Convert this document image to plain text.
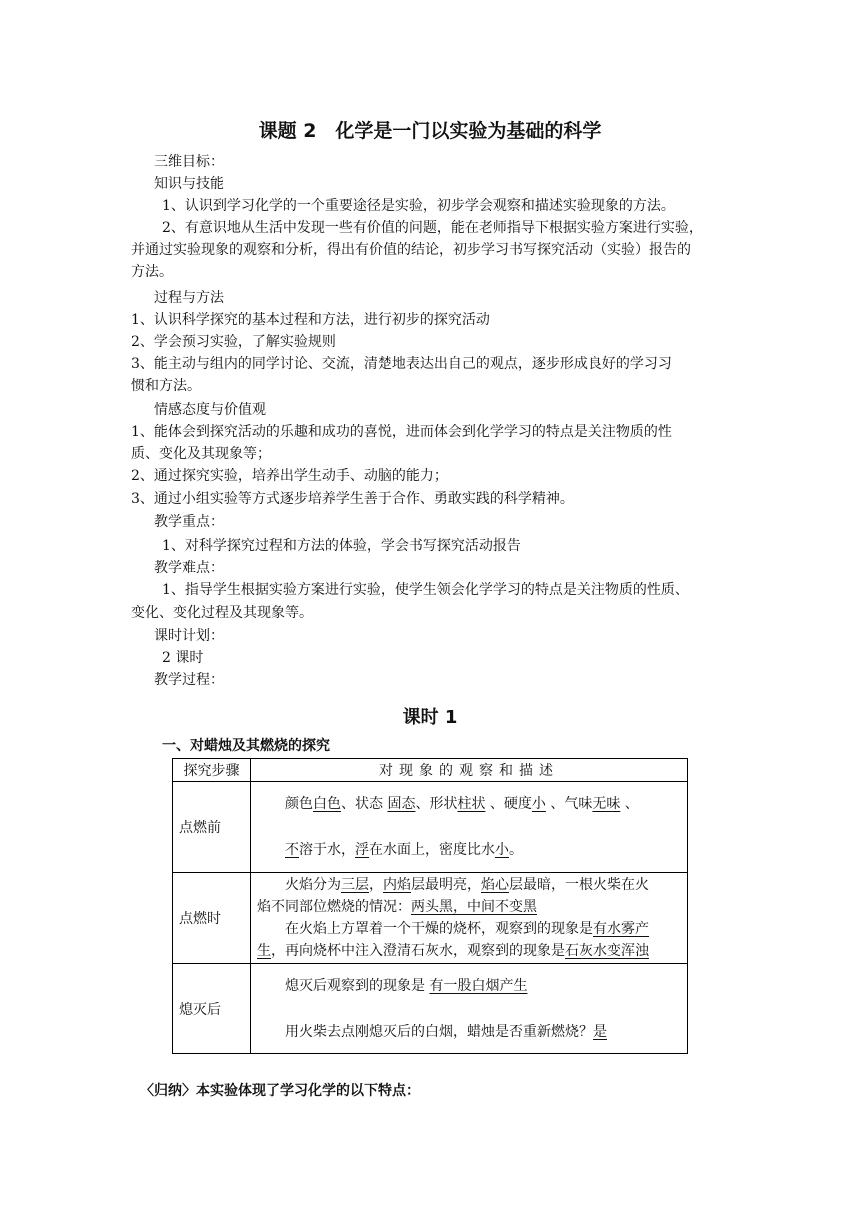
课题 2　化学是一门以实验为基础的科学
三维目标：
知识与技能
1、认识到学习化学的一个重要途径是实验，初步学会观察和描述实验现象的方法。
2、有意识地从生活中发现一些有价值的问题，能在老师指导下根据实验方案进行实验，
并通过实验现象的观察和分析，得出有价值的结论，初步学习书写探究活动（实验）报告的
方法。
过程与方法
1、认识科学探究的基本过程和方法，进行初步的探究活动
2、学会预习实验，了解实验规则
3、能主动与组内的同学讨论、交流，清楚地表达出自己的观点，逐步形成良好的学习习
惯和方法。
情感态度与价值观
1、能体会到探究活动的乐趣和成功的喜悦，进而体会到化学学习的特点是关注物质的性
质、变化及其现象等；
2、通过探究实验，培养出学生动手、动脑的能力；
3、通过小组实验等方式逐步培养学生善于合作、勇敢实践的科学精神。
教学重点：
1、对科学探究过程和方法的体验，学会书写探究活动报告
教学难点：
1、指导学生根据实验方案进行实验，使学生领会化学学习的特点是关注物质的性质、
变化、变化过程及其现象等。
课时计划：
2 课时
教学过程：
课时 1
一、对蜡烛及其燃烧的探究
探究步骤	对现象的观察和描述
点燃前	颜色白色、状态 固态、形状柱状 、硬度小 、气味无味 、

不溶于水，浮在水面上，密度比水小。

点燃时	火焰分为三层，内焰层最明亮，焰心层最暗，一根火柴在火

焰不同部位燃烧的情况：两头黑，中间不变黑

在火焰上方罩着一个干燥的烧杯，观察到的现象是有水雾产

生，再向烧杯中注入澄清石灰水，观察到的现象是石灰水变浑浊

熄灭后	熄灭后观察到的现象是 有一股白烟产生

用火柴去点刚熄灭后的白烟，蜡烛是否重新燃烧？是

〈归纳〉本实验体现了学习化学的以下特点：
